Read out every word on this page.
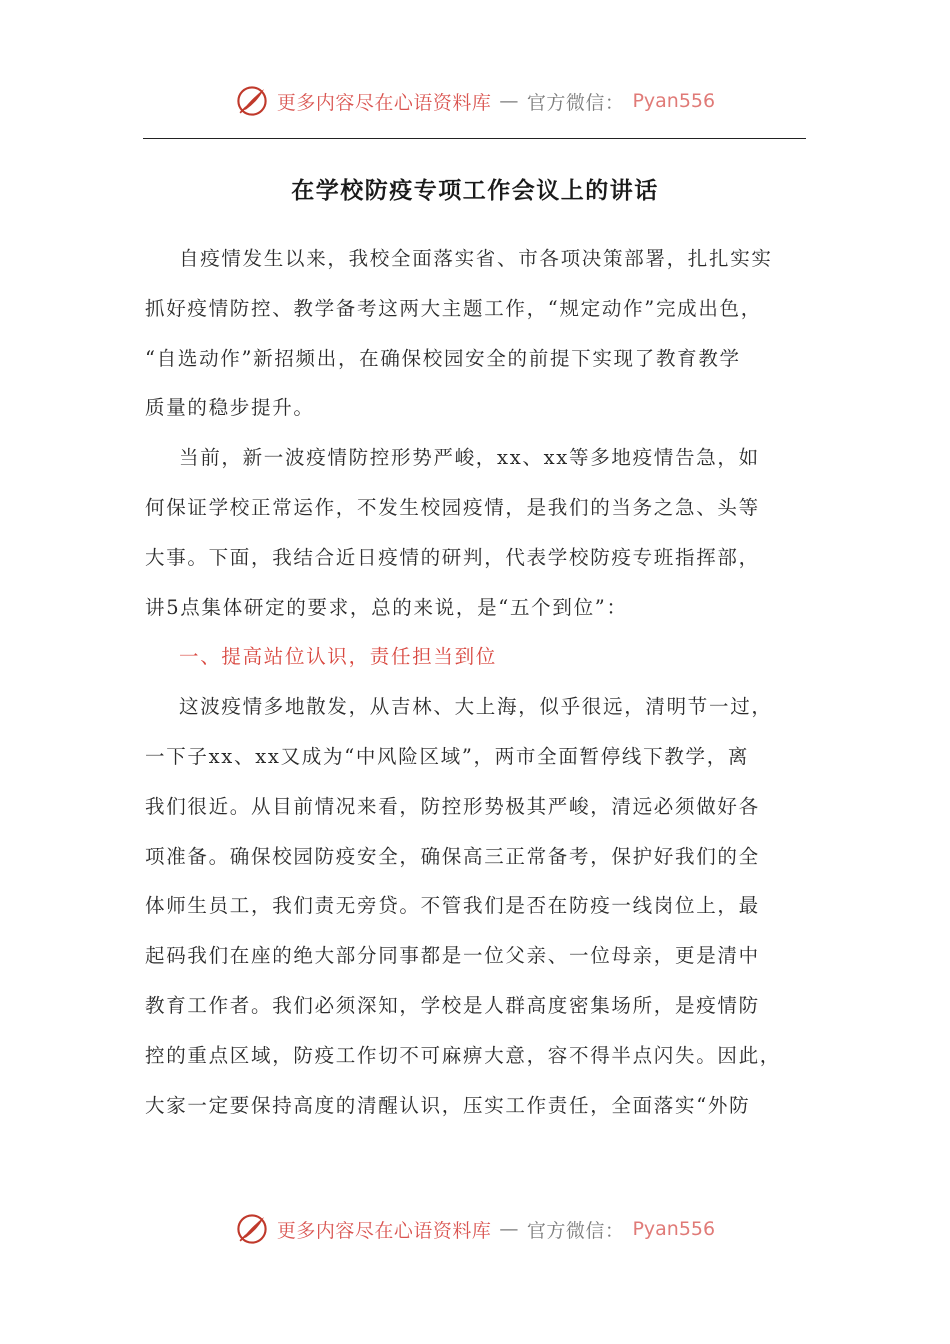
更多内容尽在心语资料库 — 官方微信： Pyan556
在学校防疫专项工作会议上的讲话
自疫情发生以来，我校全面落实省、市各项决策部署，扎扎实实
抓好疫情防控、教学备考这两大主题工作，“规定动作”完成出色，
“自选动作”新招频出，在确保校园安全的前提下实现了教育教学
质量的稳步提升。
当前，新一波疫情防控形势严峻，xx、xx等多地疫情告急，如
何保证学校正常运作，不发生校园疫情，是我们的当务之急、头等
大事。下面，我结合近日疫情的研判，代表学校防疫专班指挥部，
讲5点集体研定的要求，总的来说，是“五个到位”：
一、提高站位认识，责任担当到位
这波疫情多地散发，从吉林、大上海，似乎很远，清明节一过，
一下子xx、xx又成为“中风险区域”，两市全面暂停线下教学，离
我们很近。从目前情况来看，防控形势极其严峻，清远必须做好各
项准备。确保校园防疫安全，确保高三正常备考，保护好我们的全
体师生员工，我们责无旁贷。不管我们是否在防疫一线岗位上，最
起码我们在座的绝大部分同事都是一位父亲、一位母亲，更是清中
教育工作者。我们必须深知，学校是人群高度密集场所，是疫情防
控的重点区域，防疫工作切不可麻痹大意，容不得半点闪失。因此，
大家一定要保持高度的清醒认识，压实工作责任，全面落实“外防
更多内容尽在心语资料库 — 官方微信： Pyan556
